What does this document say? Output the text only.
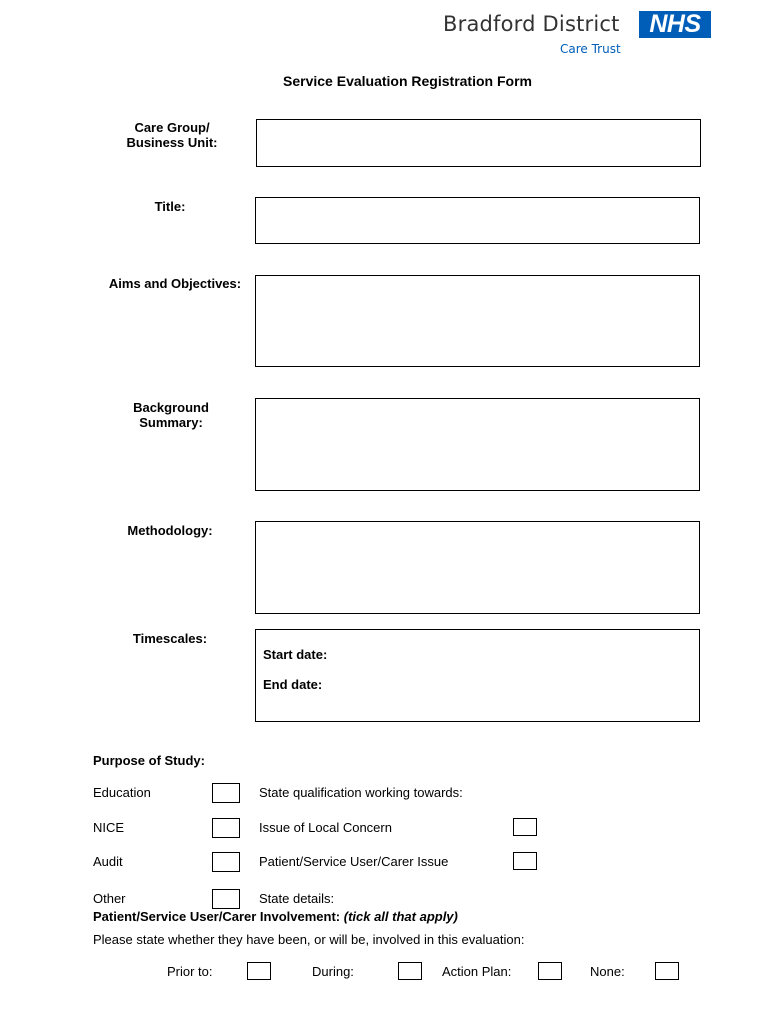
Bradford District	NHS
Care Trust
Service Evaluation Registration Form
Care Group/
Business Unit:
Title:
Aims and Objectives:
Background
Summary:
Methodology:
Timescales:
Start date:
End date:
Purpose of Study:
Education	State qualification working towards:
NICE	Issue of Local Concern
Audit	Patient/Service User/Carer Issue
Other	State details:
Patient/Service User/Carer Involvement: (tick all that apply)
Please state whether they have been, or will be, involved in this evaluation:
Prior to:	During:	Action Plan:	None:
